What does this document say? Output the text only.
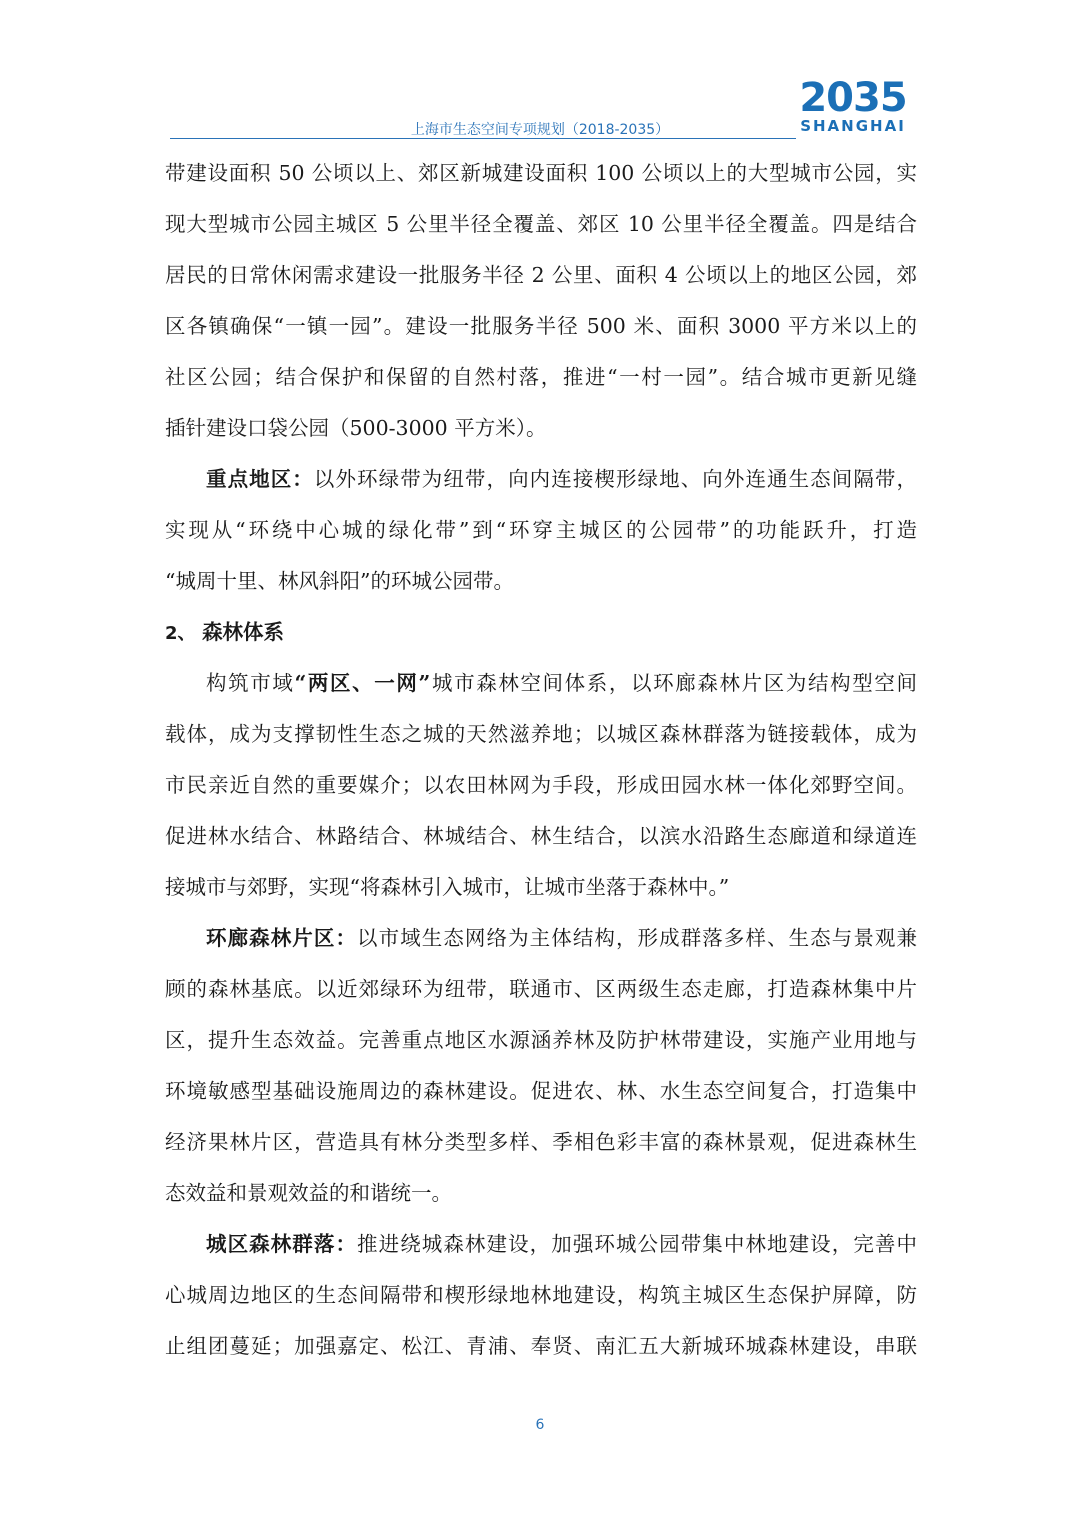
2035
SHANGHAI
上海市生态空间专项规划（2018-2035）
带建设面积 50 公顷以上、郊区新城建设面积 100 公顷以上的大型城市公园，实
现大型城市公园主城区 5 公里半径全覆盖、郊区 10 公里半径全覆盖。四是结合
居民的日常休闲需求建设一批服务半径 2 公里、面积 4 公顷以上的地区公园，郊
区各镇确保“一镇一园”。建设一批服务半径 500 米、面积 3000 平方米以上的
社区公园；结合保护和保留的自然村落，推进“一村一园”。结合城市更新见缝
插针建设口袋公园（500-3000 平方米）。
重点地区：以外环绿带为纽带，向内连接楔形绿地、向外连通生态间隔带，
实现从“环绕中心城的绿化带”到“环穿主城区的公园带”的功能跃升，打造
“城周十里、林风斜阳”的环城公园带。
2、 森林体系
构筑市域“两区、一网”城市森林空间体系，以环廊森林片区为结构型空间
载体，成为支撑韧性生态之城的天然滋养地；以城区森林群落为链接载体，成为
市民亲近自然的重要媒介；以农田林网为手段，形成田园水林一体化郊野空间。
促进林水结合、林路结合、林城结合、林生结合，以滨水沿路生态廊道和绿道连
接城市与郊野，实现“将森林引入城市，让城市坐落于森林中。”
环廊森林片区：以市域生态网络为主体结构，形成群落多样、生态与景观兼
顾的森林基底。以近郊绿环为纽带，联通市、区两级生态走廊，打造森林集中片
区，提升生态效益。完善重点地区水源涵养林及防护林带建设，实施产业用地与
环境敏感型基础设施周边的森林建设。促进农、林、水生态空间复合，打造集中
经济果林片区，营造具有林分类型多样、季相色彩丰富的森林景观，促进森林生
态效益和景观效益的和谐统一。
城区森林群落：推进绕城森林建设，加强环城公园带集中林地建设，完善中
心城周边地区的生态间隔带和楔形绿地林地建设，构筑主城区生态保护屏障，防
止组团蔓延；加强嘉定、松江、青浦、奉贤、南汇五大新城环城森林建设，串联
6
